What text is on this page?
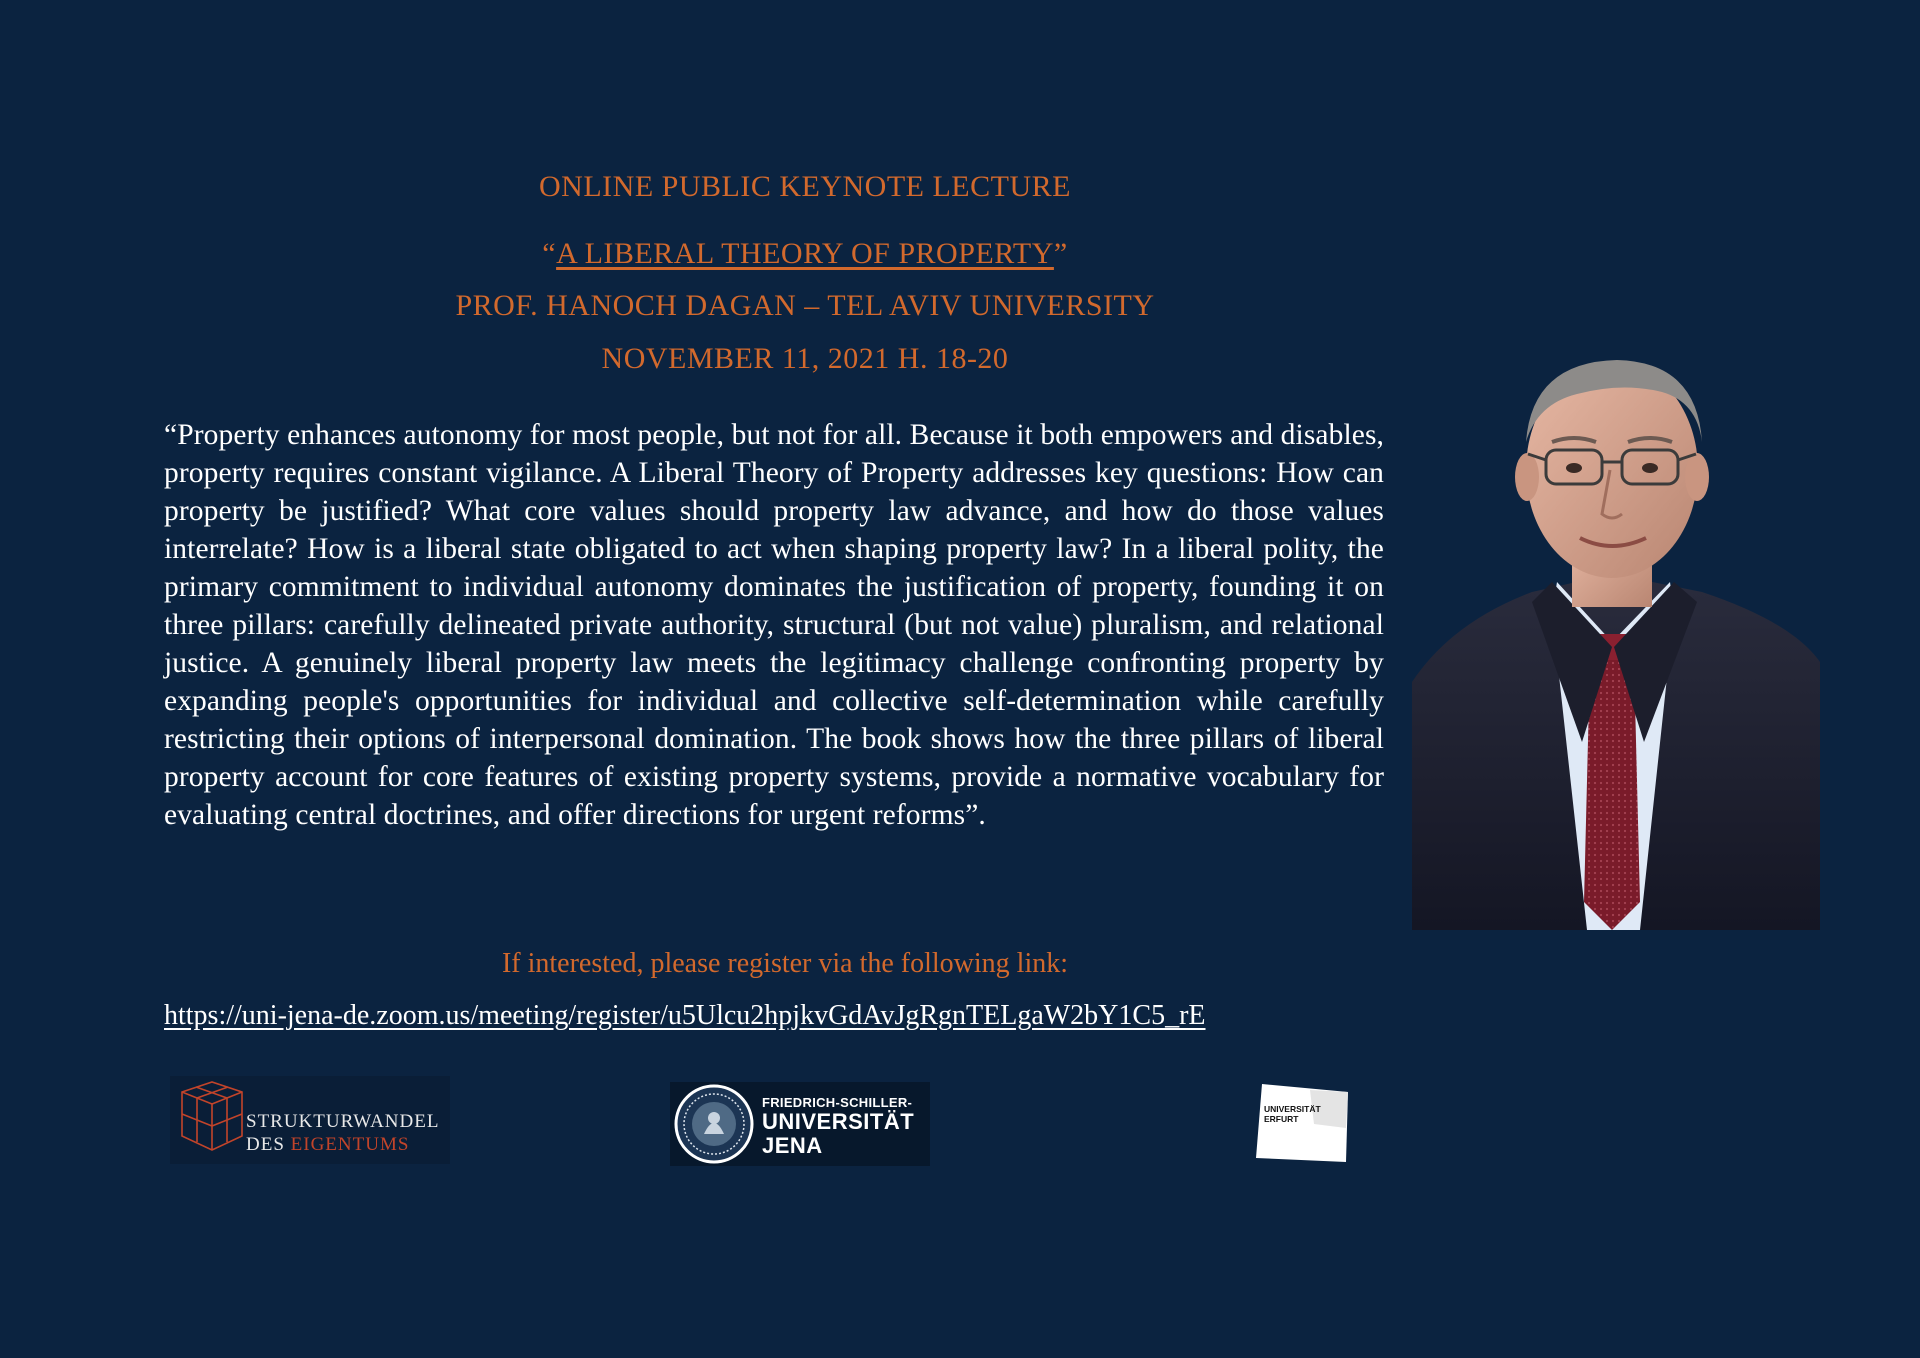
ONLINE PUBLIC KEYNOTE LECTURE
“A LIBERAL THEORY OF PROPERTY”
PROF. HANOCH DAGAN – TEL AVIV UNIVERSITY
NOVEMBER 11, 2021 H. 18-20
“Property enhances autonomy for most people, but not for all. Because it both empowers and disables, property requires constant vigilance. A Liberal Theory of Property addresses key questions: How can property be justified? What core values should property law advance, and how do those values interrelate? How is a liberal state obligated to act when shaping property law? In a liberal polity, the primary commitment to individual autonomy dominates the justification of property, founding it on three pillars: carefully delineated private authority, structural (but not value) pluralism, and relational justice. A genuinely liberal property law meets the legitimacy challenge confronting property by expanding people's opportunities for individual and collective self-determination while carefully restricting their options of interpersonal domination. The book shows how the three pillars of liberal property account for core features of existing property systems, provide a normative vocabulary for evaluating central doctrines, and offer directions for urgent reforms”.
If interested, please register via the following link:
https://uni-jena-de.zoom.us/meeting/register/u5Ulcu2hpjkvGdAvJgRgnTELgaW2bY1C5_rE
STRUKTURWANDEL
DES EIGENTUMS
FRIEDRICH-SCHILLER-
UNIVERSITÄT
JENA
UNIVERSITÄT
ERFURT
